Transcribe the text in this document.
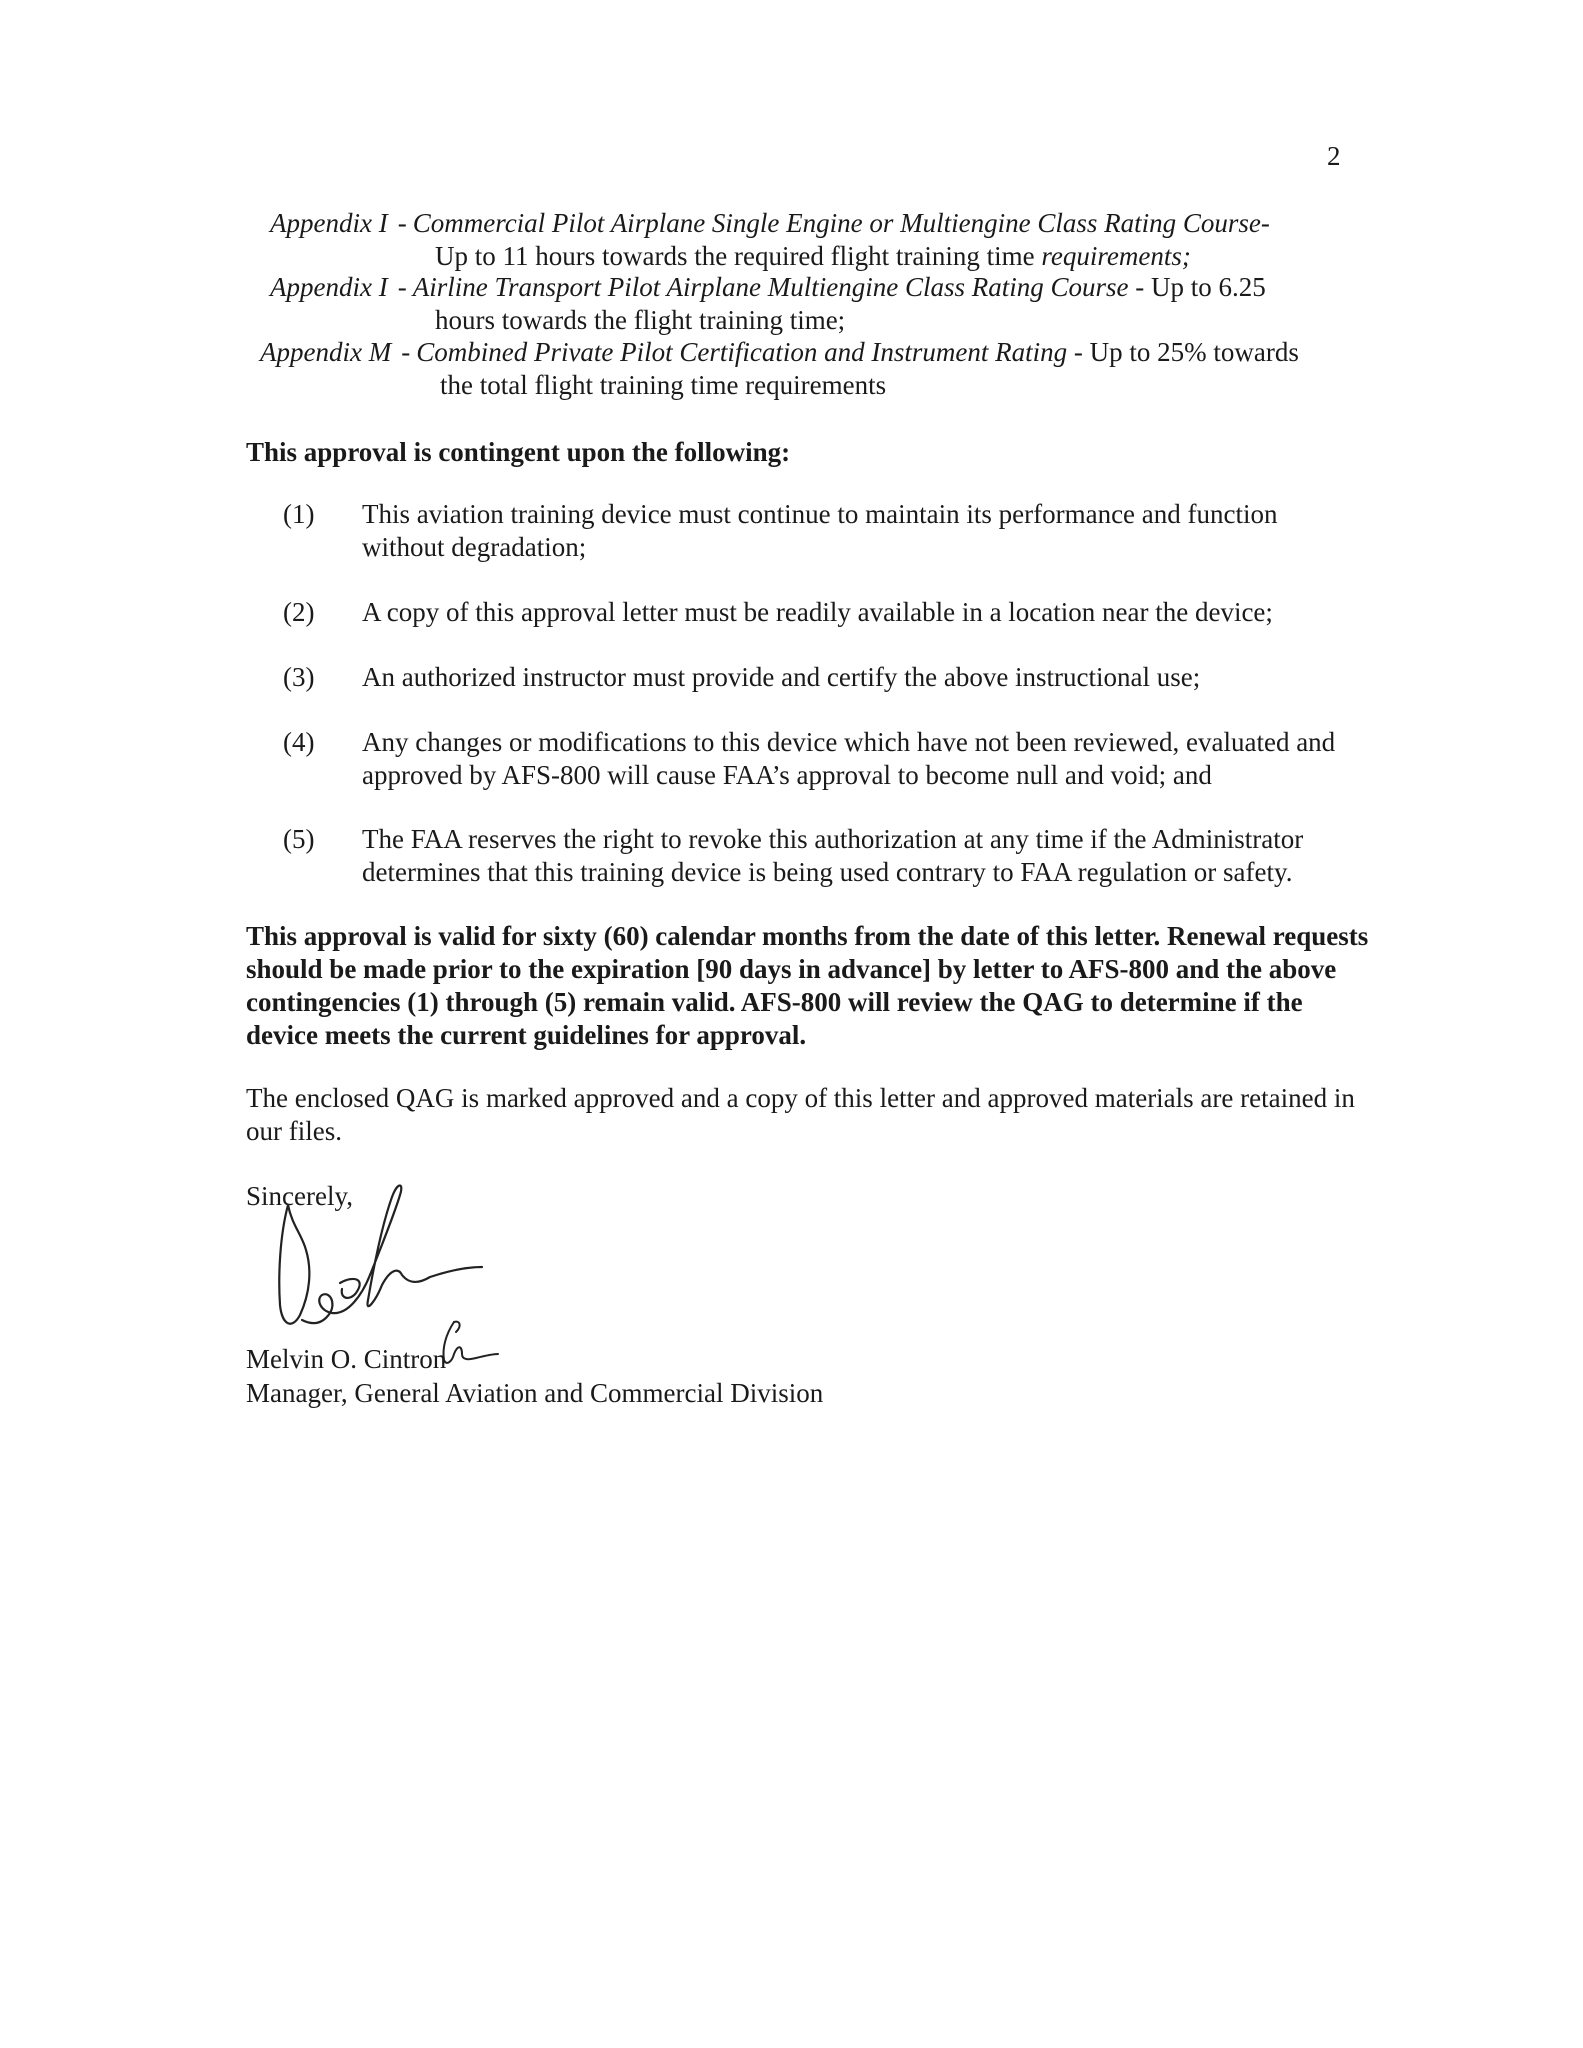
2
Appendix I - Commercial Pilot Airplane Single Engine or Multiengine Class Rating Course-
Up to 11 hours towards the required flight training time requirements;
Appendix I - Airline Transport Pilot Airplane Multiengine Class Rating Course - Up to 6.25
hours towards the flight training time;
Appendix M - Combined Private Pilot Certification and Instrument Rating - Up to 25% towards
the total flight training time requirements
This approval is contingent upon the following:
(1) This aviation training device must continue to maintain its performance and function without degradation;
(2) A copy of this approval letter must be readily available in a location near the device;
(3) An authorized instructor must provide and certify the above instructional use;
(4) Any changes or modifications to this device which have not been reviewed, evaluated and approved by AFS-800 will cause FAA’s approval to become null and void; and
(5) The FAA reserves the right to revoke this authorization at any time if the Administrator determines that this training device is being used contrary to FAA regulation or safety.
This approval is valid for sixty (60) calendar months from the date of this letter. Renewal requests should be made prior to the expiration [90 days in advance] by letter to AFS-800 and the above contingencies (1) through (5) remain valid. AFS-800 will review the QAG to determine if the device meets the current guidelines for approval.
The enclosed QAG is marked approved and a copy of this letter and approved materials are retained in our files.
Sincerely,
Melvin O. Cintron
Manager, General Aviation and Commercial Division
